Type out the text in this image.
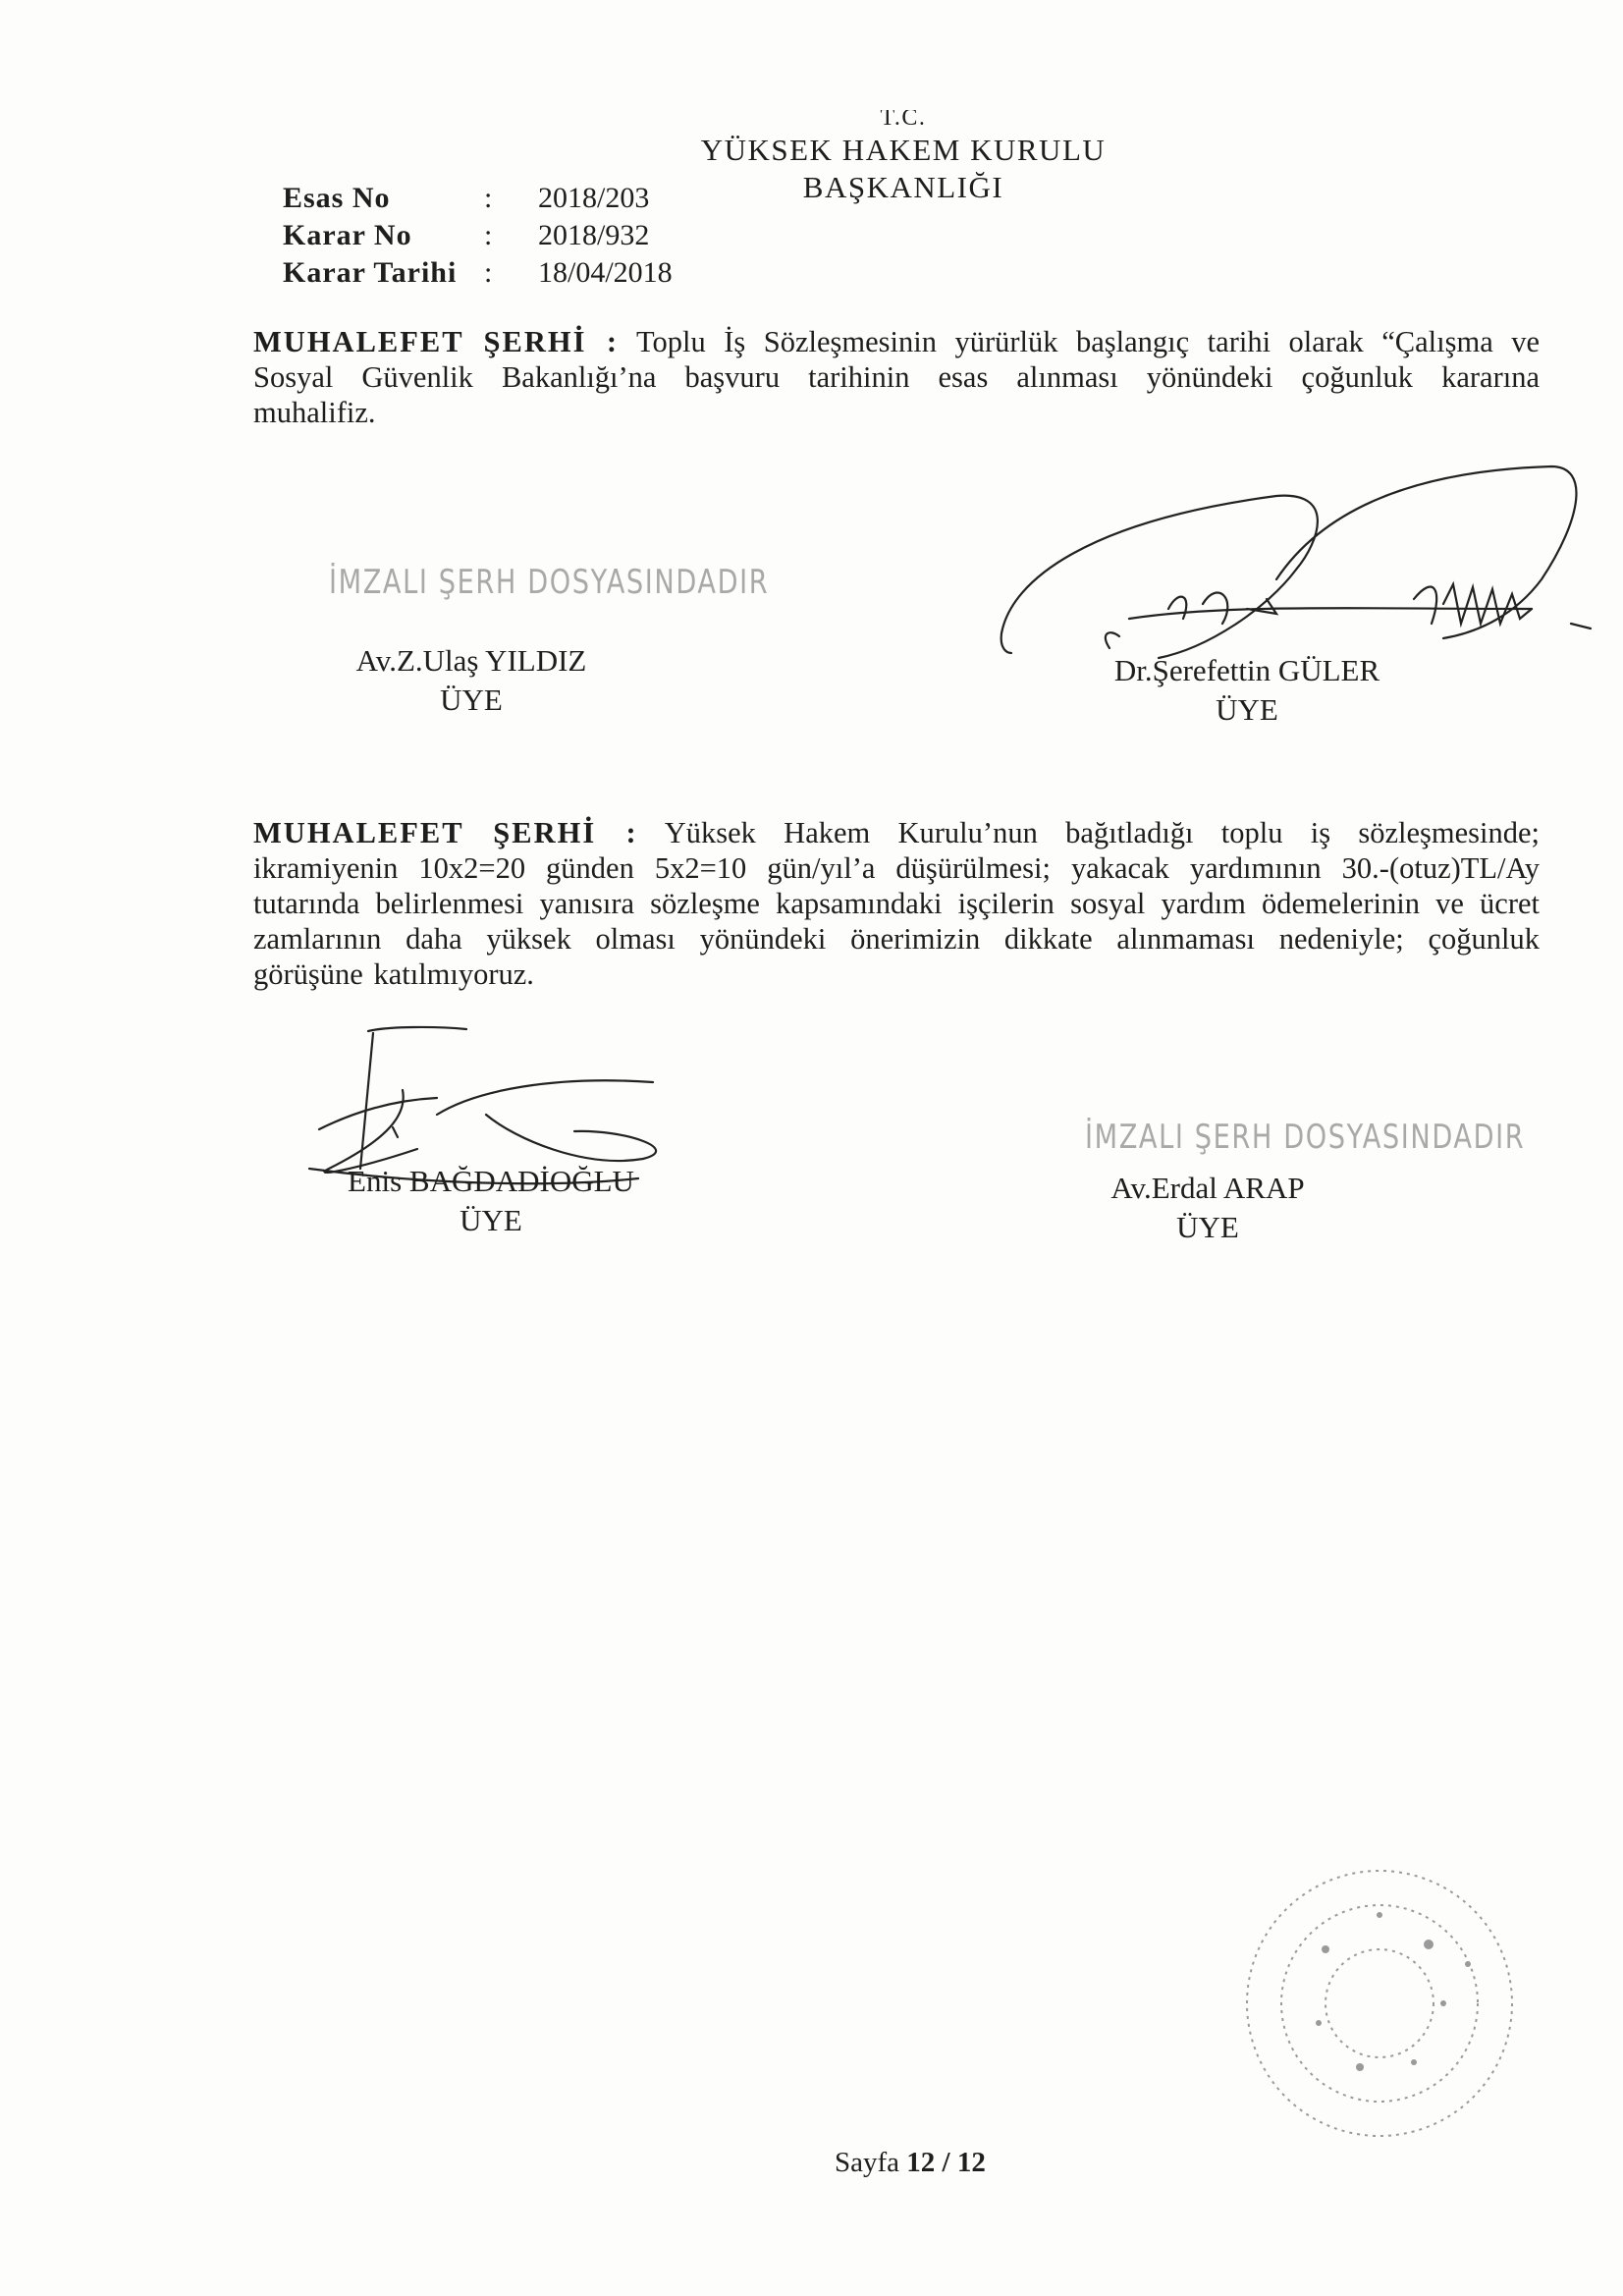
T.C.
YÜKSEK HAKEM KURULU
BAŞKANLIĞI
Esas No	:	2018/203
Karar No	:	2018/932
Karar Tarihi :	18/04/2018
MUHALEFET ŞERHİ : Toplu İş Sözleşmesinin yürürlük başlangıç tarihi olarak “Çalışma ve
Sosyal Güvenlik Bakanlığı’na başvuru tarihinin esas alınması yönündeki çoğunluk kararına
muhalifiz.
İMZALI ŞERH DOSYASINDADIR
Av.Z.Ulaş YILDIZ
ÜYE
Dr.Şerefettin GÜLER
ÜYE
MUHALEFET ŞERHİ : Yüksek Hakem Kurulu’nun bağıtladığı toplu iş sözleşmesinde;
ikramiyenin 10x2=20 günden 5x2=10 gün/yıl’a düşürülmesi; yakacak yardımının 30.-(otuz)TL/Ay
tutarında belirlenmesi yanısıra sözleşme kapsamındaki işçilerin sosyal yardım ödemelerinin ve ücret
zamlarının daha yüksek olması yönündeki önerimizin dikkate alınmaması nedeniyle; çoğunluk
görüşüne katılmıyoruz.
Enis BAĞDADİOĞLU
ÜYE
İMZALI ŞERH DOSYASINDADIR
Av.Erdal ARAP
ÜYE
Sayfa 12 / 12
